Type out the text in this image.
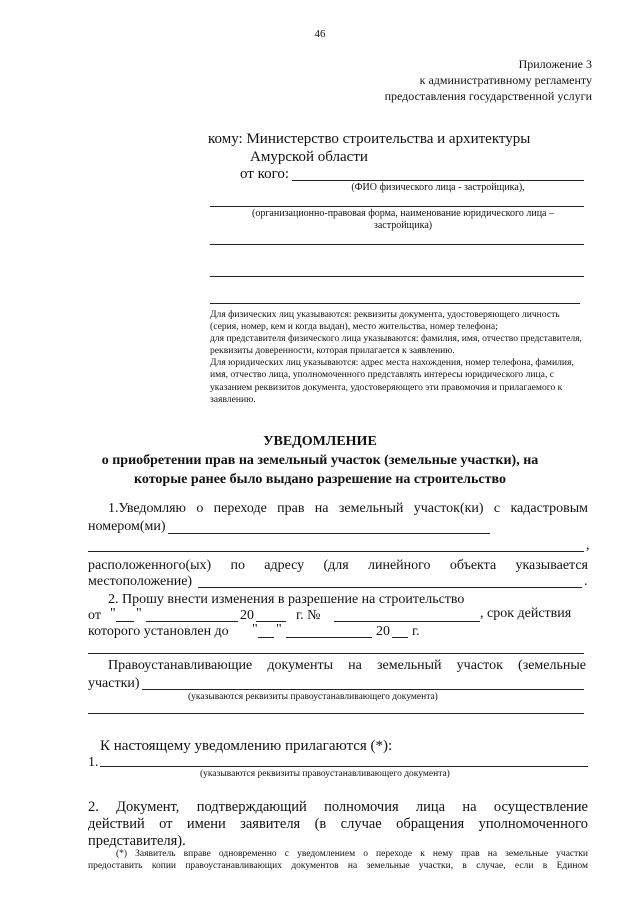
46
Приложение 3
к административному регламенту
предоставления государственной услуги
кому: Министерство строительства и архитектуры
Амурской области
от кого:
(ФИО физического лица - застройщика),
(организационно-правовая форма, наименование юридического лица – застройщика)

Для физических лиц указываются: реквизиты документа, удостоверяющего личность (серия, номер, кем и когда выдан), место жительства, номер телефона;

для представителя физического лица указываются: фамилия, имя, отчество представителя, реквизиты доверенности, которая прилагается к заявлению.

Для юридических лиц указываются: адрес места нахождения, номер телефона, фамилия, имя, отчество лица, уполномоченного представлять интересы юридического лица, с указанием реквизитов документа, удостоверяющего эти правомочия и прилагаемого к заявлению.

УВЕДОМЛЕНИЕ
о приобретении прав на земельный участок (земельные участки), на
которые ранее было выдано разрешение на строительство
1.Уведомляю о переходе прав на земельный участок(ки) с кадастровым
номером(ми)
,
расположенного(ых) по адресу (для линейного объекта указывается
местоположение)	.
2. Прошу внести изменения в разрешение на строительство
от " "	20	г. №	, срок действия
которого установлен до " "	20 г.
Правоустанавливающие документы на земельный участок (земельные
участки)
(указываются реквизиты правоустанавливающего документа)
К настоящему уведомлению прилагаются (*):
1.
(указываются реквизиты правоустанавливающего документа)
2. Документ, подтверждающий полномочия лица на осуществление
действий от имени заявителя (в случае обращения уполномоченного
представителя).
(*) Заявитель вправе одновременно с уведомлением о переходе к нему прав на земельные участки
предоставить копии правоустанавливающих документов на земельные участки, в случае, если в Едином
